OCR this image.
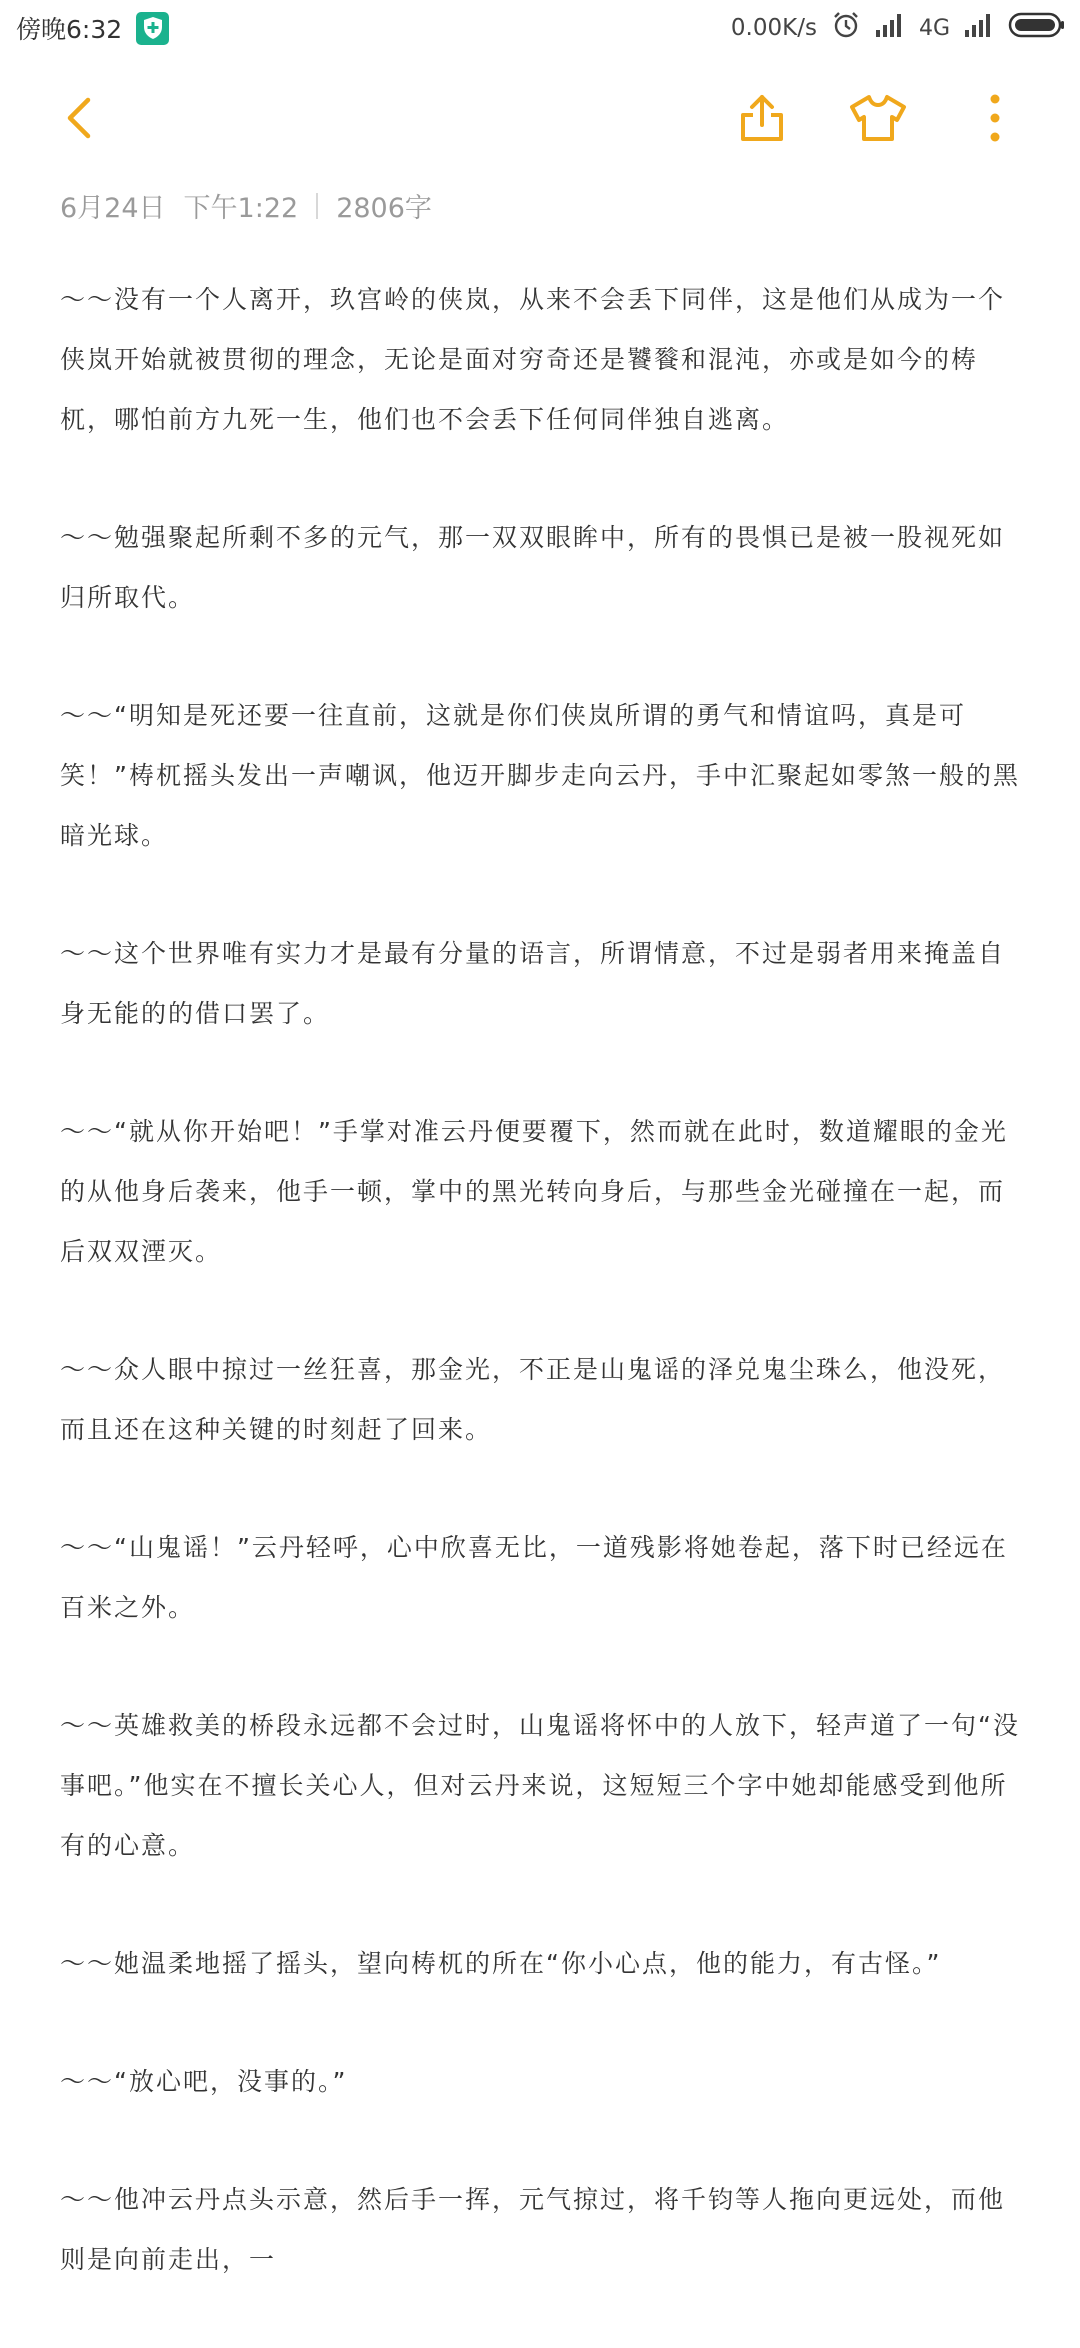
傍晚6:32	0.00K/s	4G
6月24日 下午1:22 2806字

～～没有一个人离开，玖宫岭的侠岚，从来不会丢下同伴，这是他们从成为一个侠岚开始就被贯彻的理念，无论是面对穷奇还是饕餮和混沌，亦或是如今的梼杌，哪怕前方九死一生，他们也不会丢下任何同伴独自逃离。

～～勉强聚起所剩不多的元气，那一双双眼眸中，所有的畏惧已是被一股视死如归所取代。

～～“明知是死还要一往直前，这就是你们侠岚所谓的勇气和情谊吗，真是可笑！”梼杌摇头发出一声嘲讽，他迈开脚步走向云丹，手中汇聚起如零煞一般的黑暗光球。

～～这个世界唯有实力才是最有分量的语言，所谓情意，不过是弱者用来掩盖自身无能的的借口罢了。

～～“就从你开始吧！”手掌对准云丹便要覆下，然而就在此时，数道耀眼的金光的从他身后袭来，他手一顿，掌中的黑光转向身后，与那些金光碰撞在一起，而后双双湮灭。

～～众人眼中掠过一丝狂喜，那金光，不正是山鬼谣的泽兑鬼尘珠么，他没死，而且还在这种关键的时刻赶了回来。

～～“山鬼谣！”云丹轻呼，心中欣喜无比，一道残影将她卷起，落下时已经远在百米之外。

～～英雄救美的桥段永远都不会过时，山鬼谣将怀中的人放下，轻声道了一句“没事吧。”他实在不擅长关心人，但对云丹来说，这短短三个字中她却能感受到他所有的心意。

～～她温柔地摇了摇头，望向梼杌的所在“你小心点，他的能力，有古怪。”

～～“放心吧，没事的。”

～～他冲云丹点头示意，然后手一挥，元气掠过，将千钧等人拖向更远处，而他则是向前走出，一
